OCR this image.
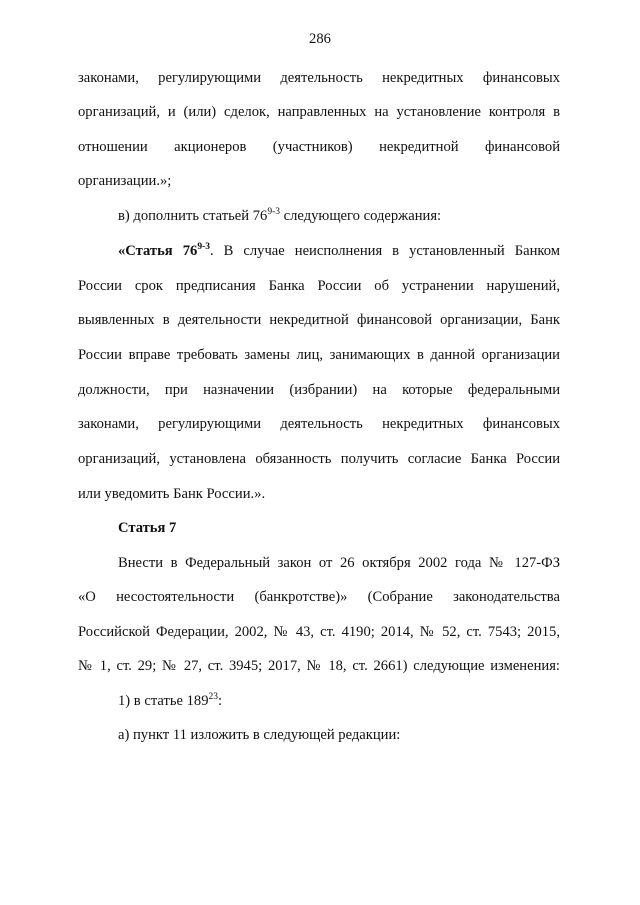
286
законами, регулирующими деятельность некредитных финансовых
организаций, и (или) сделок, направленных на установление контроля в
отношении акционеров (участников) некредитной финансовой
организации.»;
в) дополнить статьей 76$^{9-3}$ следующего содержания:
«Статья 76$^{9-3}$. В случае неисполнения в установленный Банком
России срок предписания Банка России об устранении нарушений,
выявленных в деятельности некредитной финансовой организации, Банк
России вправе требовать замены лиц, занимающих в данной организации
должности, при назначении (избрании) на которые федеральными
законами, регулирующими деятельность некредитных финансовых
организаций, установлена обязанность получить согласие Банка России
или уведомить Банк России.».
Статья 7
Внести в Федеральный закон от 26 октября 2002 года № 127-ФЗ
«О несостоятельности (банкротстве)» (Собрание законодательства
Российской Федерации, 2002, № 43, ст. 4190; 2014, № 52, ст. 7543; 2015,
№ 1, ст. 29; № 27, ст. 3945; 2017, № 18, ст. 2661) следующие изменения:
1) в статье $189^{23}$:
а) пункт 11 изложить в следующей редакции:
